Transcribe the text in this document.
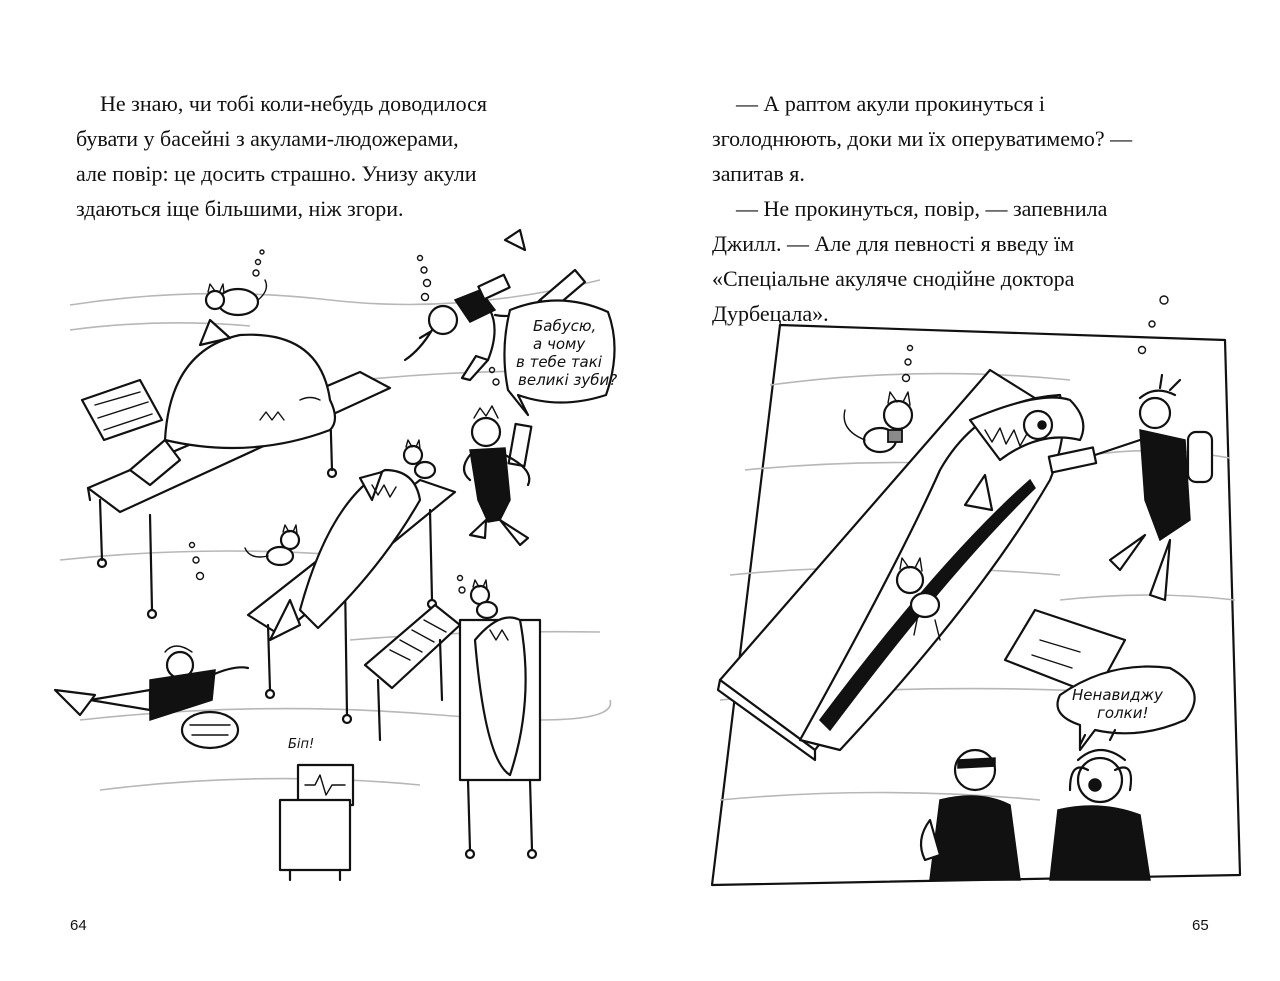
Не знаю, чи тобі коли-небудь доводилося

бувати у басейні з акулами-людожерами,

але повір: це досить страшно. Унизу акули

здаються іще більшими, ніж згори.

Бабусю,
а чому
в тебе такі
великі зуби?
Біп!
64

— А раптом акули прокинуться і

зголоднюють, доки ми їх оперуватимемо? —

запитав я.

— Не прокинуться, повір, — запевнила

Джилл. — Але для певності я введу їм

«Спеціальне акуляче снодійне доктора

Дурбецала».

Ненавиджу
голки!
65
